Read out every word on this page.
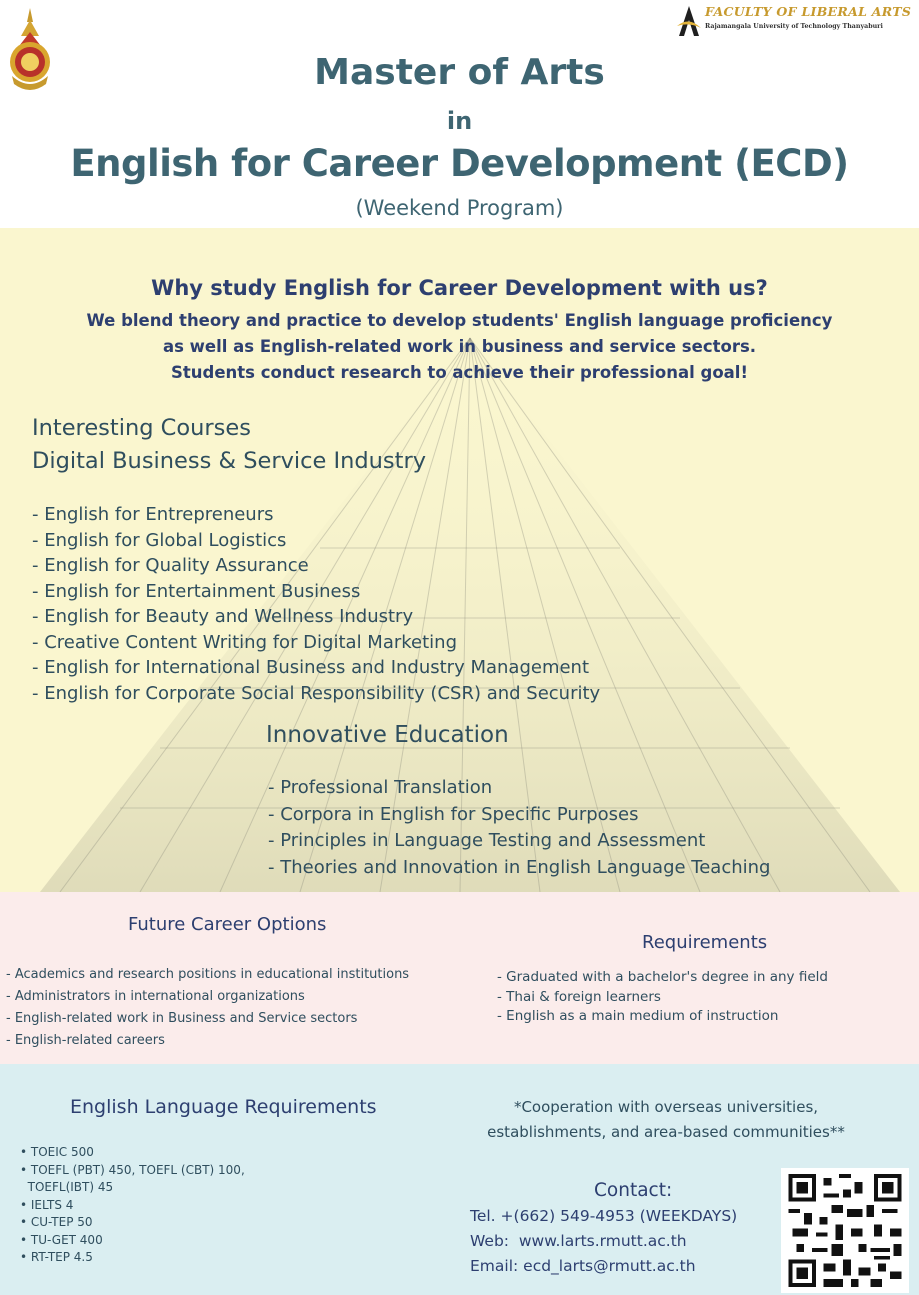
FACULTY OF LIBERAL ARTS
Rajamangala University of Technology Thanyaburi
Master of Arts
in
English for Career Development (ECD)
(Weekend Program)
Why study English for Career Development with us?
We blend theory and practice to develop students' English language proficiency
as well as English-related work in business and service sectors.
Students conduct research to achieve their professional goal!
Interesting Courses
Digital Business & Service Industry
- English for Entrepreneurs
- English for Global Logistics
- English for Quality Assurance
- English for Entertainment Business
- English for Beauty and Wellness Industry
- Creative Content Writing for Digital Marketing
- English for International Business and Industry Management
- English for Corporate Social Responsibility (CSR) and Security
Innovative Education
- Professional Translation
- Corpora in English for Specific Purposes
- Principles in Language Testing and Assessment
- Theories and Innovation in English Language Teaching
Future Career Options
- Academics and research positions in educational institutions
- Administrators in international organizations
- English-related work in Business and Service sectors
- English-related careers
Requirements
- Graduated with a bachelor's degree in any field
- Thai & foreign learners
- English as a main medium of instruction
English Language Requirements
• TOEIC 500
• TOEFL (PBT) 450, TOEFL (CBT) 100,
TOEFL(IBT) 45
• IELTS 4
• CU-TEP 50
• TU-GET 400
• RT-TEP 4.5
*Cooperation with overseas universities,
establishments, and area-based communities**
Contact:
Tel. +(662) 549-4953 (WEEKDAYS)
Web:  www.larts.rmutt.ac.th
Email: ecd_larts@rmutt.ac.th
